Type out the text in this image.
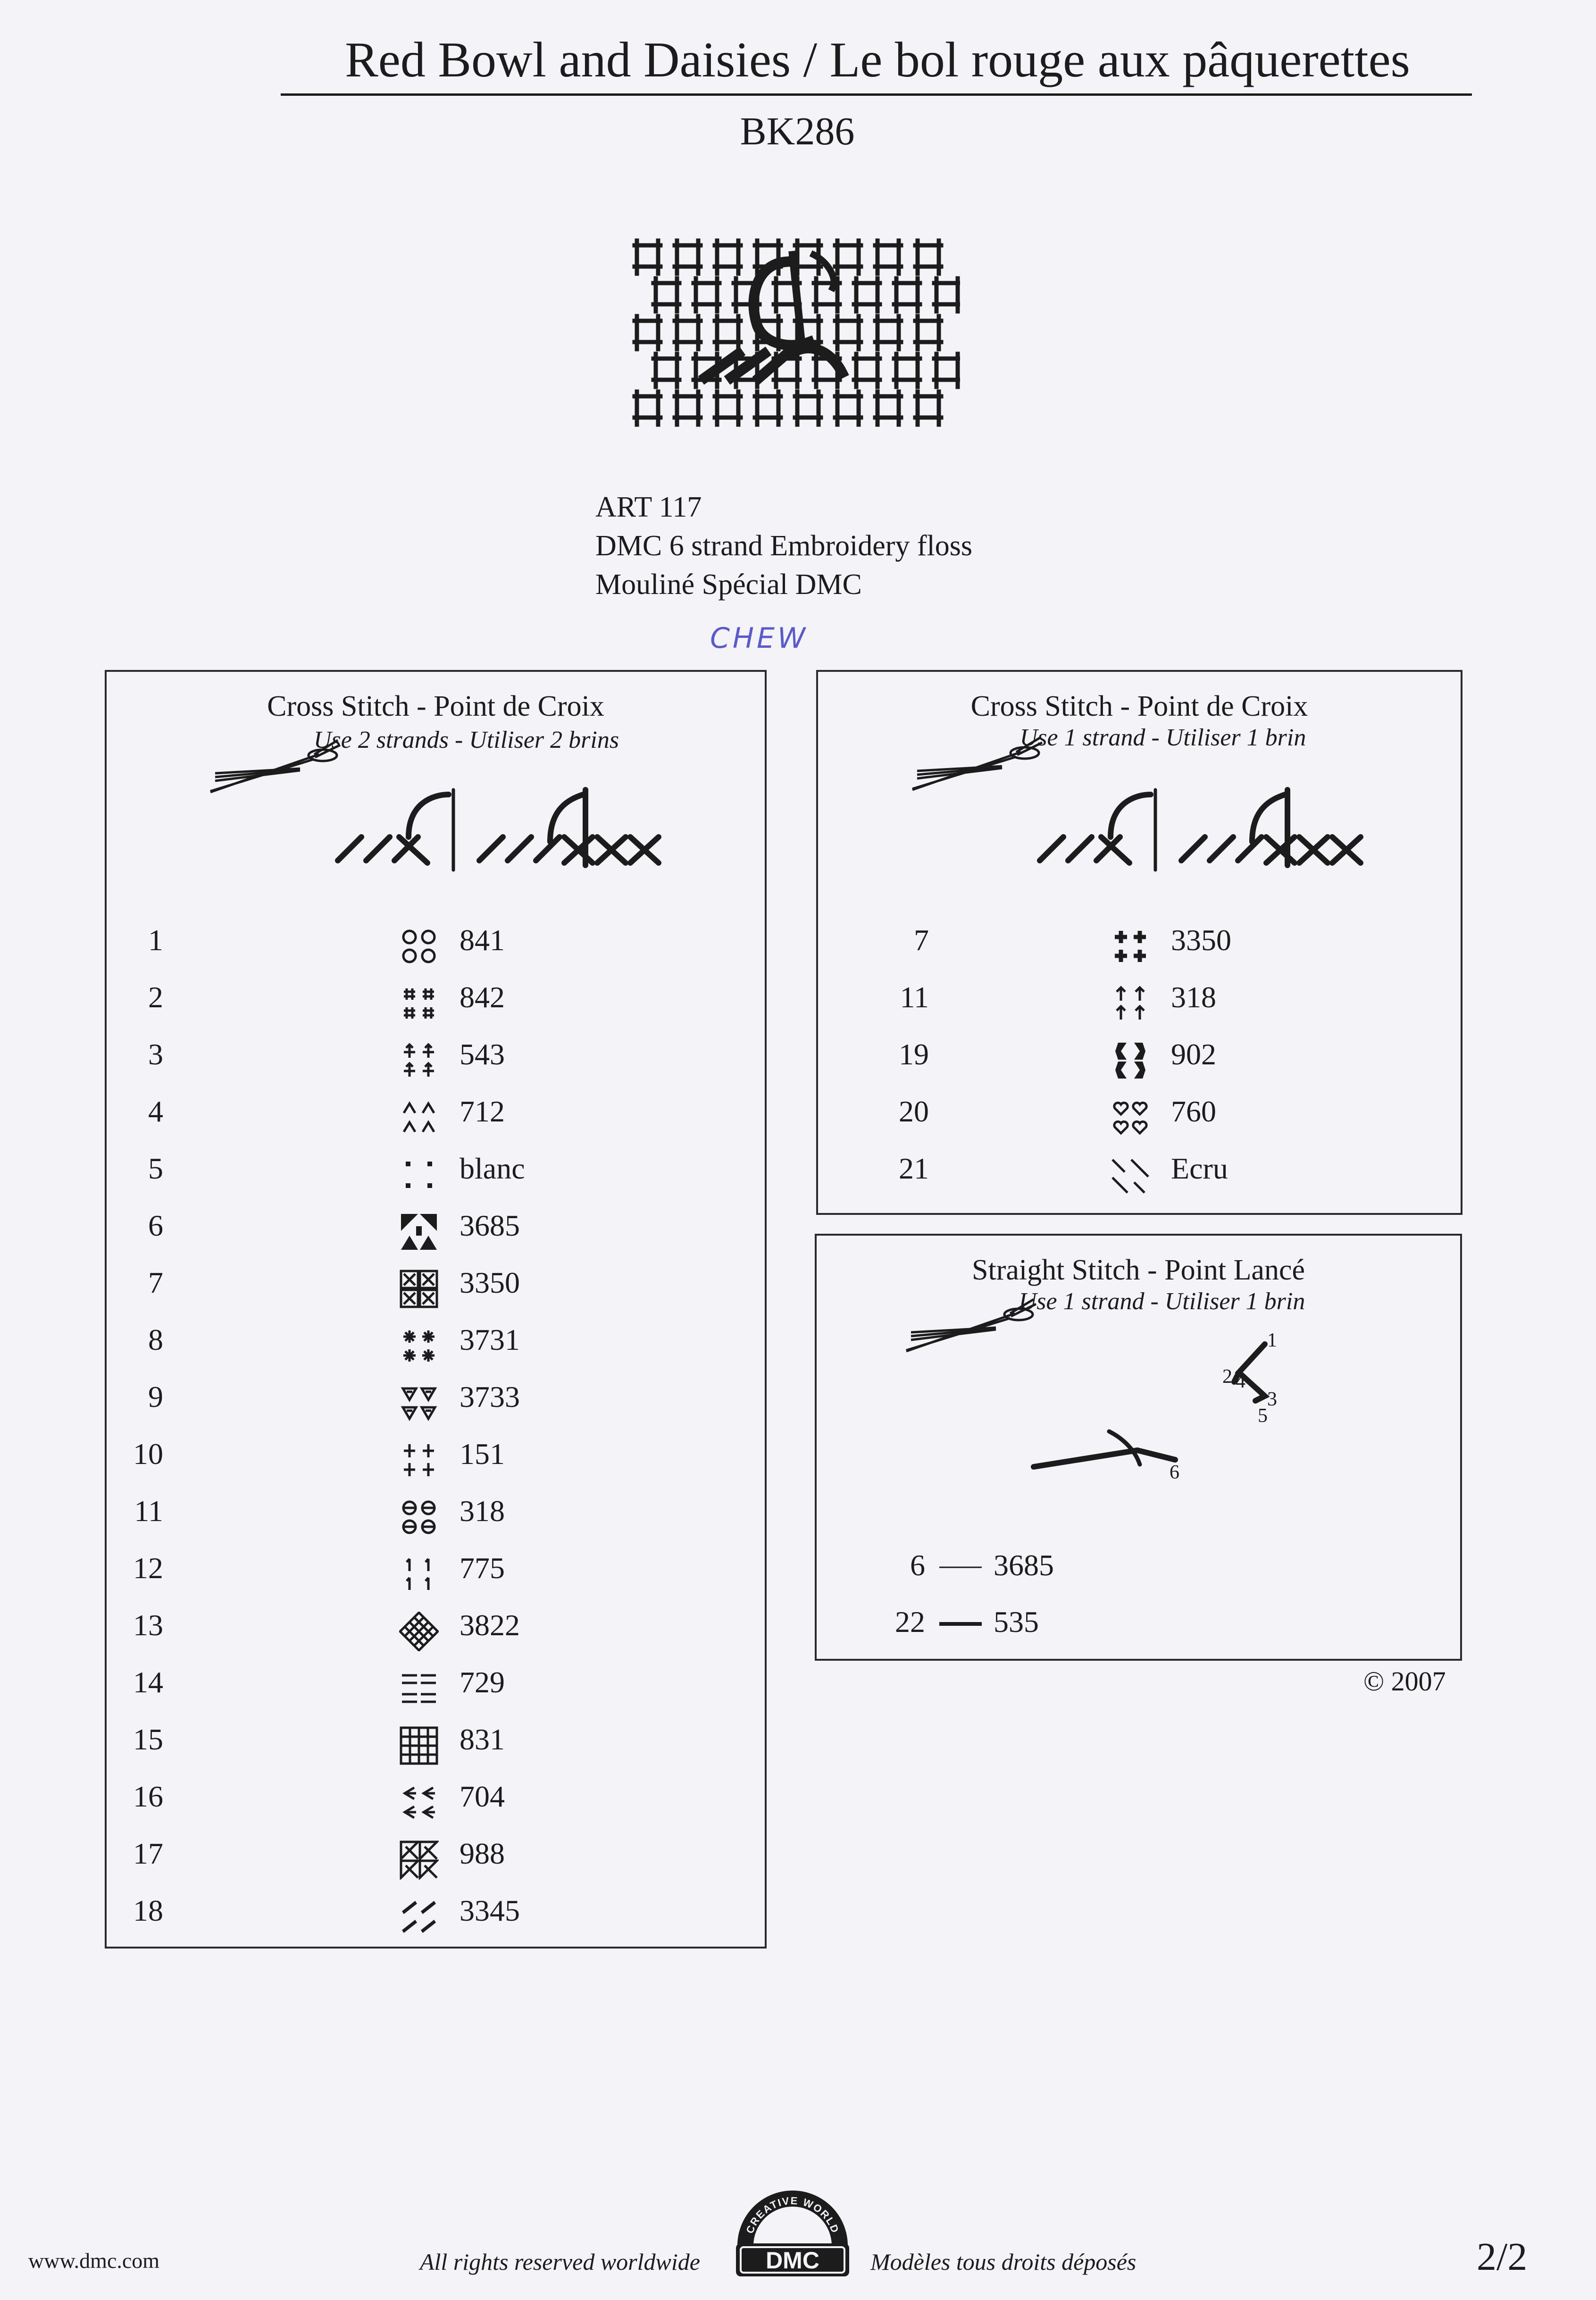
Red Bowl and Daisies / Le bol rouge aux pâquerettes
BK286
ART 117
DMC 6 strand Embroidery floss
Mouliné Spécial DMC
CHEW
Cross Stitch - Point de Croix
Use 2 strands - Utiliser 2 brins
1	841
2	842
3	543
4	712
5	blanc
6	3685
7	3350
8	3731
9	3733
10	151
11	318
12	775
13	3822
14	729
15	831
16	704
17	988
18	3345
Cross Stitch - Point de Croix
Use 1 strand - Utiliser 1 brin
7	3350
11	318
19	902
20	760
21	Ecru
Straight Stitch - Point Lancé
Use 1 strand - Utiliser 1 brin
1
2 4
3
5
6
6 3685
22 535
© 2007
www.dmc.com	All rights reserved worldwide
CREATIVE WORLD
DMC Modèles tous droits déposés	2/2
